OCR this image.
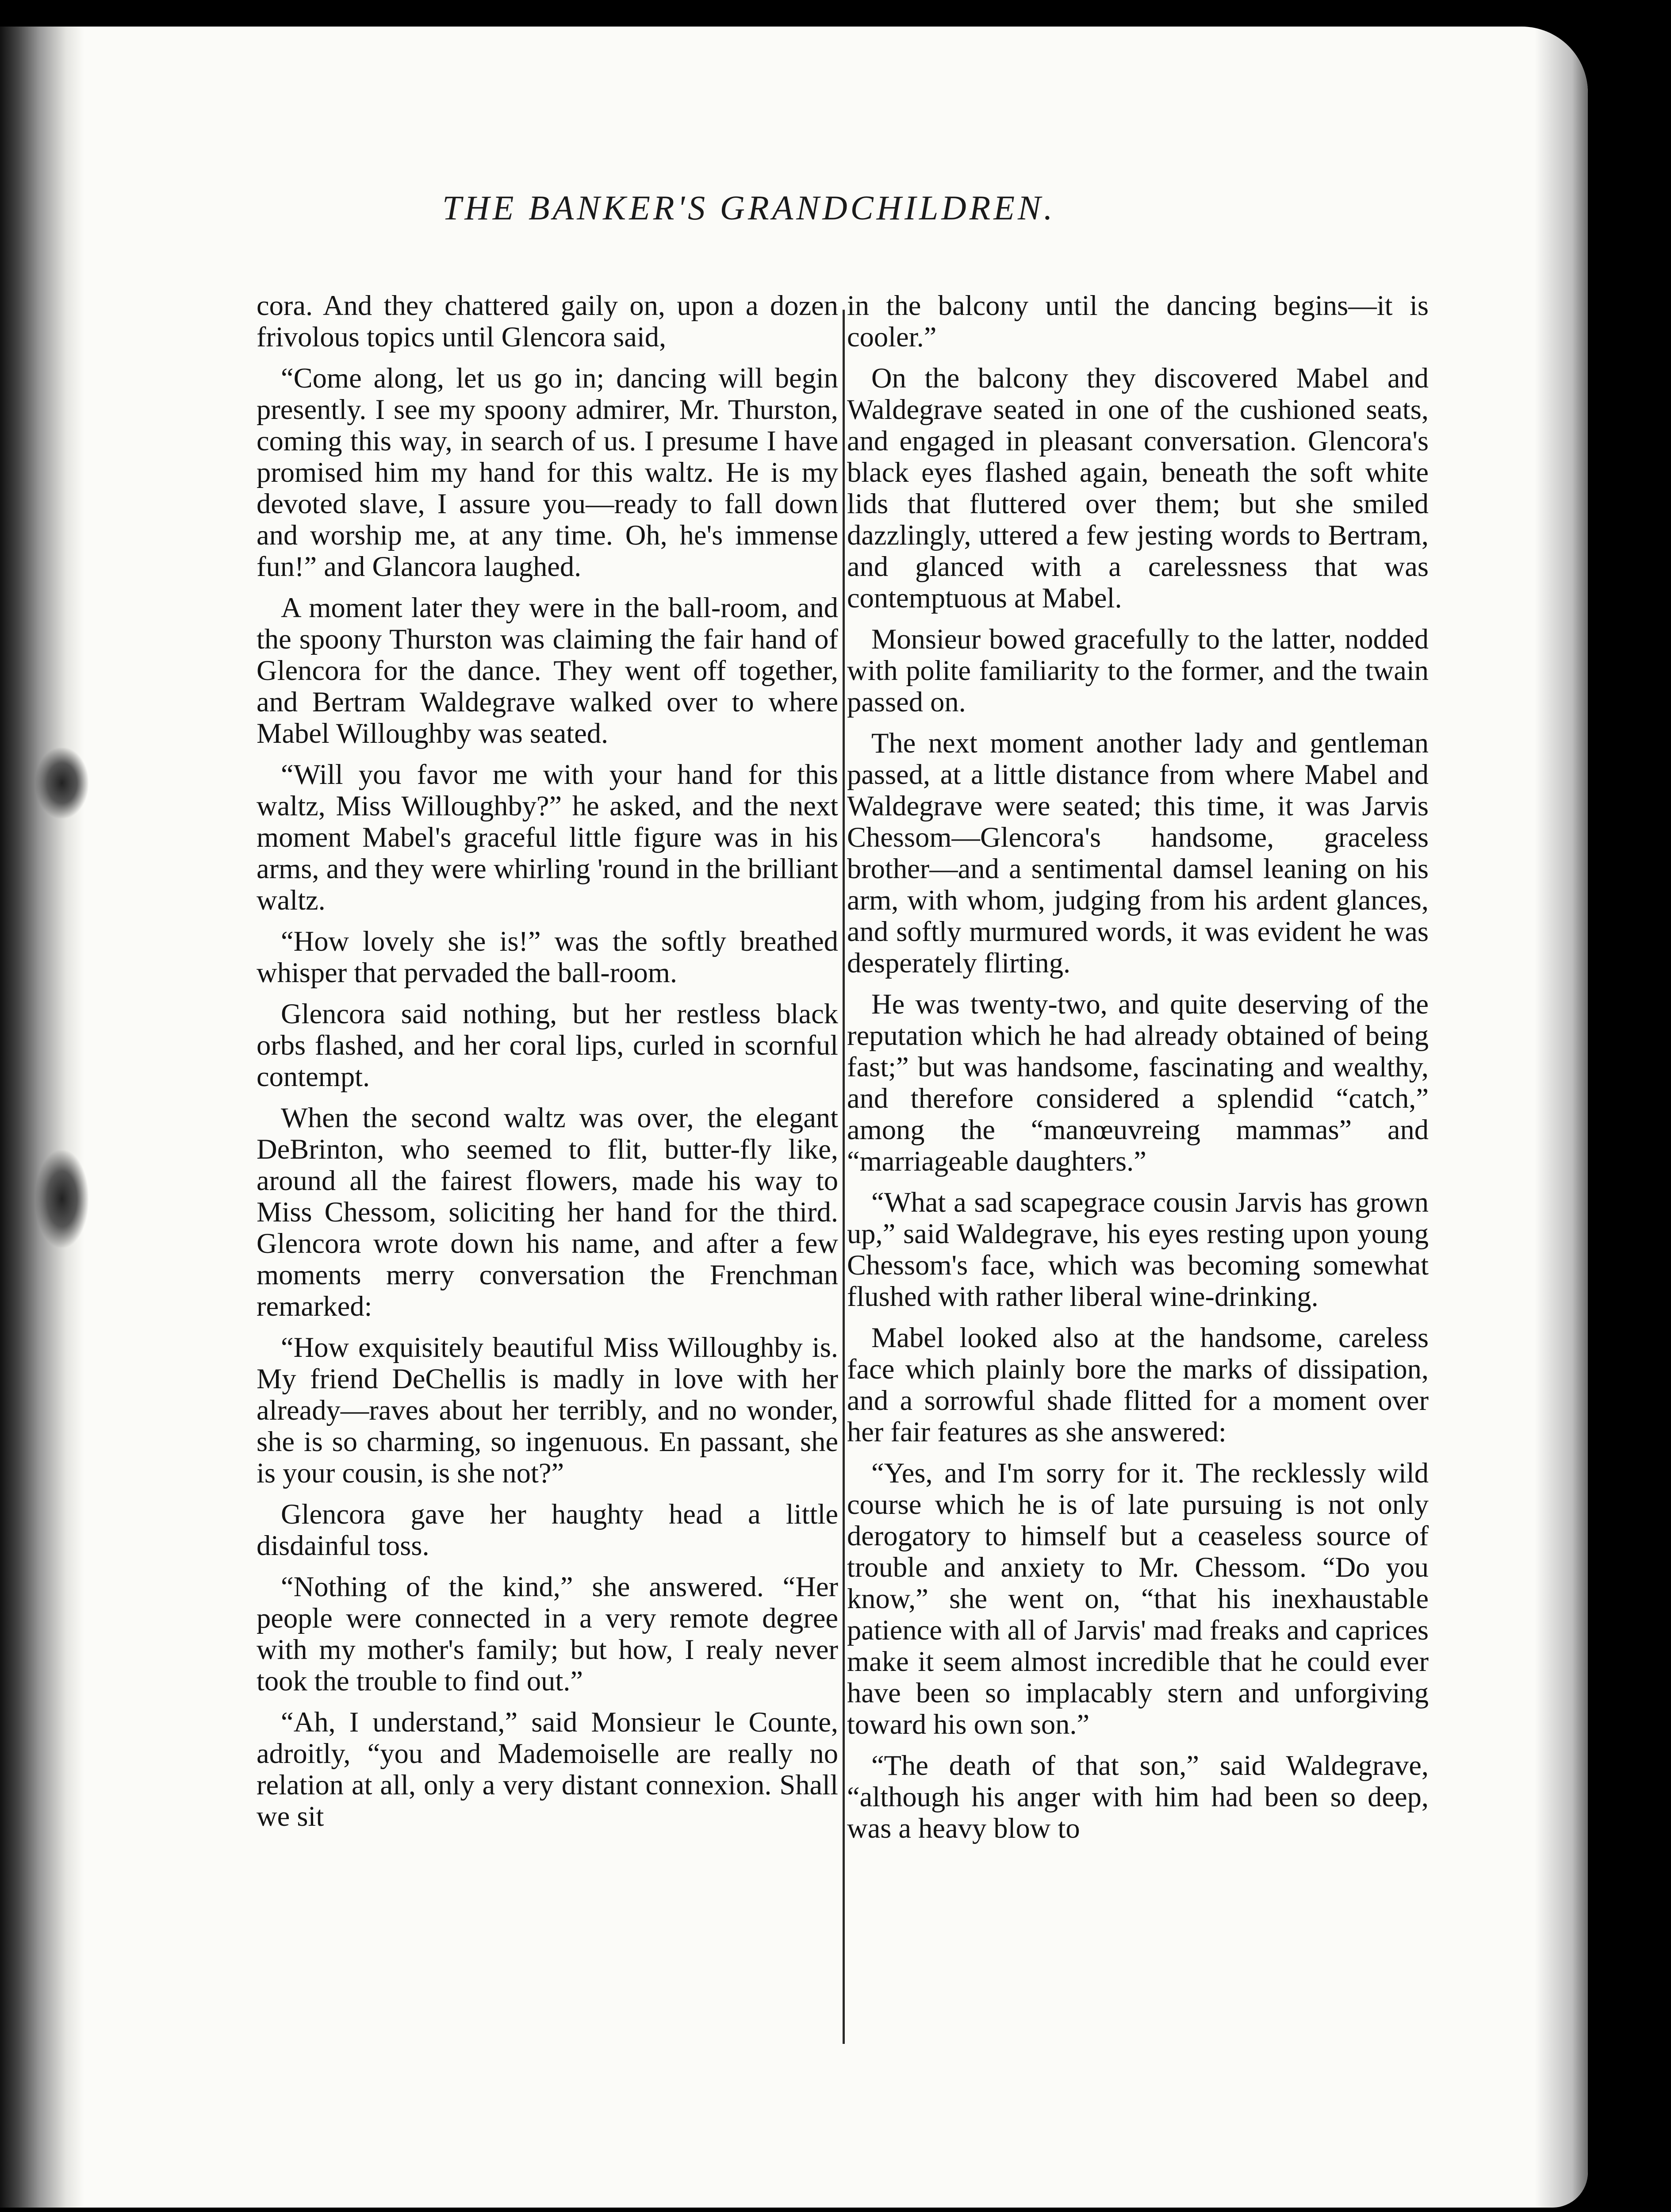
THE BANKER'S GRANDCHILDREN.

cora. And they chattered gaily on, upon a dozen frivolous topics until Glencora said,

“Come along, let us go in; dancing will begin presently. I see my spoony admirer, Mr. Thurston, coming this way, in search of us. I presume I have promised him my hand for this waltz. He is my devoted slave, I assure you—ready to fall down and worship me, at any time. Oh, he's immense fun!” and Glancora laughed.

A moment later they were in the ball-room, and the spoony Thurston was claiming the fair hand of Glencora for the dance. They went off together, and Bertram Waldegrave walked over to where Mabel Willoughby was seated.

“Will you favor me with your hand for this waltz, Miss Willoughby?” he asked, and the next moment Mabel's graceful little figure was in his arms, and they were whirling 'round in the brilliant waltz.

“How lovely she is!” was the softly breathed whisper that pervaded the ball-room.

Glencora said nothing, but her restless black orbs flashed, and her coral lips, curled in scornful contempt.

When the second waltz was over, the elegant DeBrinton, who seemed to flit, butter-fly like, around all the fairest flowers, made his way to Miss Chessom, soliciting her hand for the third. Glencora wrote down his name, and after a few moments merry conversation the Frenchman remarked:

“How exquisitely beautiful Miss Willoughby is. My friend DeChellis is madly in love with her already—raves about her terribly, and no wonder, she is so charming, so ingenuous. En passant, she is your cousin, is she not?”

Glencora gave her haughty head a little disdainful toss.

“Nothing of the kind,” she answered. “Her people were connected in a very remote degree with my mother's family; but how, I realy never took the trouble to find out.”

“Ah, I understand,” said Monsieur le Counte, adroitly, “you and Mademoiselle are really no relation at all, only a very distant connexion. Shall we sit

in the balcony until the dancing begins—it is cooler.”

On the balcony they discovered Mabel and Waldegrave seated in one of the cushioned seats, and engaged in pleasant conversation. Glencora's black eyes flashed again, beneath the soft white lids that fluttered over them; but she smiled dazzlingly, uttered a few jesting words to Bertram, and glanced with a carelessness that was contemptuous at Mabel.

Monsieur bowed gracefully to the latter, nodded with polite familiarity to the former, and the twain passed on.

The next moment another lady and gentleman passed, at a little distance from where Mabel and Waldegrave were seated; this time, it was Jarvis Chessom—Glencora's handsome, graceless brother—and a sentimental damsel leaning on his arm, with whom, judging from his ardent glances, and softly murmured words, it was evident he was desperately flirting.

He was twenty-two, and quite deserving of the reputation which he had already obtained of being fast;” but was handsome, fascinating and wealthy, and therefore considered a splendid “catch,” among the “manœuvreing mammas” and “marriageable daughters.”

“What a sad scapegrace cousin Jarvis has grown up,” said Waldegrave, his eyes resting upon young Chessom's face, which was becoming somewhat flushed with rather liberal wine-drinking.

Mabel looked also at the handsome, careless face which plainly bore the marks of dissipation, and a sorrowful shade flitted for a moment over her fair features as she answered:

“Yes, and I'm sorry for it. The recklessly wild course which he is of late pursuing is not only derogatory to himself but a ceaseless source of trouble and anxiety to Mr. Chessom. “Do you know,” she went on, “that his inexhaustable patience with all of Jarvis' mad freaks and caprices make it seem almost incredible that he could ever have been so implacably stern and unforgiving toward his own son.”

“The death of that son,” said Waldegrave, “although his anger with him had been so deep, was a heavy blow to
